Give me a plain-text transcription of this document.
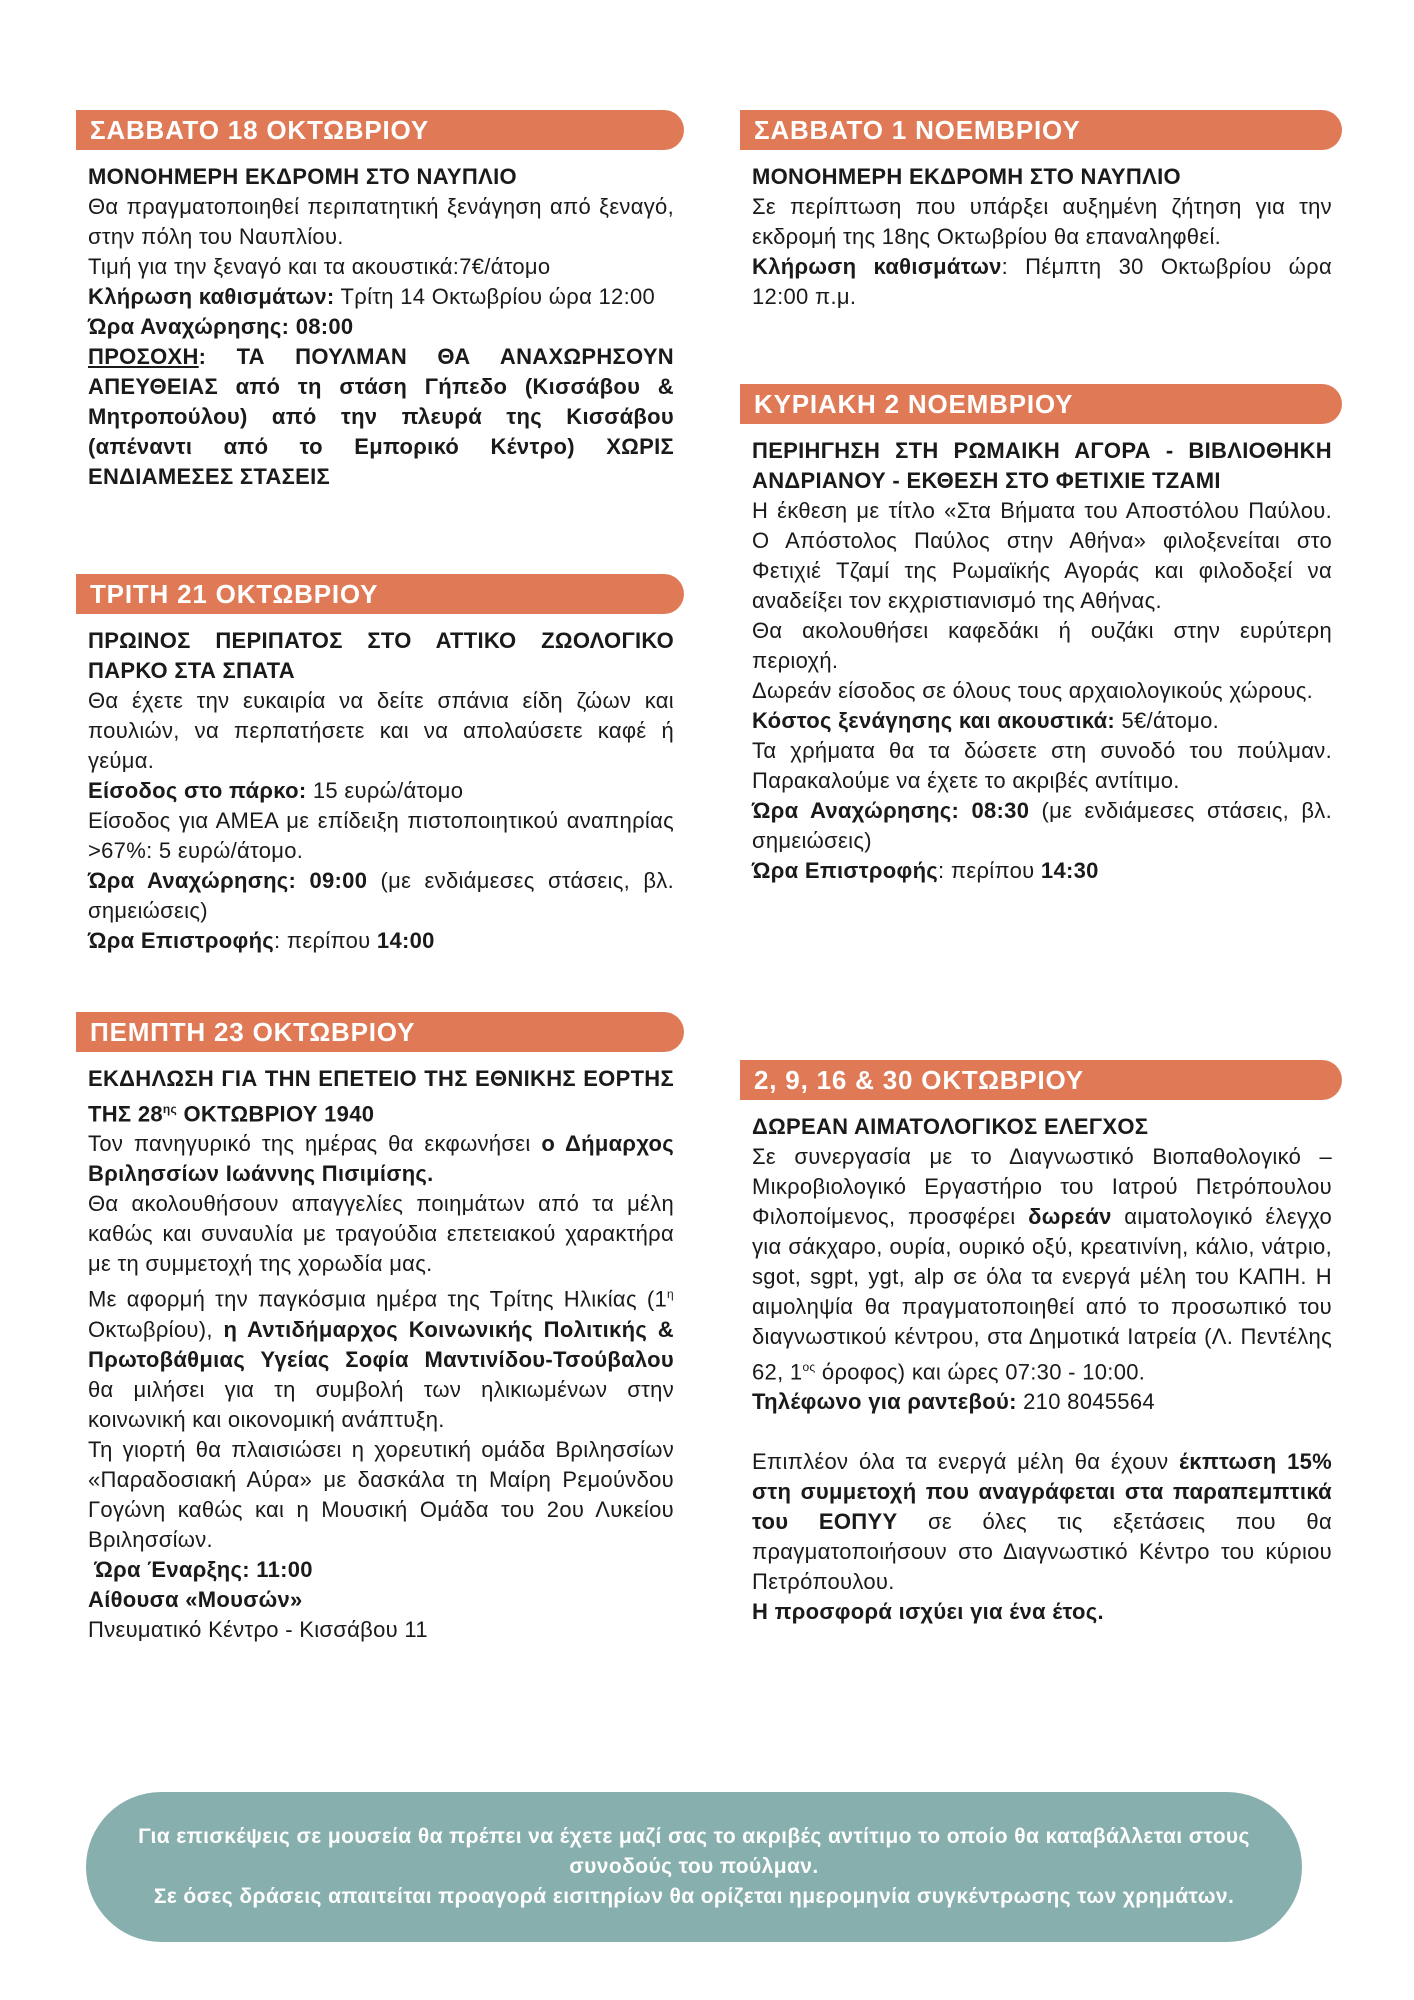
ΣΑΒΒΑΤΟ 18 ΟΚΤΩΒΡΙΟΥ

ΜΟΝΟΗΜΕΡΗ ΕΚΔΡΟΜΗ ΣΤΟ ΝΑΥΠΛΙΟ

Θα πραγματοποιηθεί περιπατητική ξενάγηση από ξεναγό, στην πόλη του Ναυπλίου.

Τιμή για την ξεναγό και τα ακουστικά:7€/άτομο

Κλήρωση καθισμάτων: Τρίτη 14 Οκτωβρίου ώρα 12:00

Ώρα Αναχώρησης: 08:00

ΠΡΟΣΟΧΗ: ΤΑ ΠΟΥΛΜΑΝ ΘΑ ΑΝΑΧΩΡΗΣΟΥΝ ΑΠΕΥΘΕΙΑΣ από τη στάση Γήπεδο (Κισσάβου & Μητροπούλου) από την πλευρά της Κισσάβου (απέναντι από το Εμπορικό Κέντρο) ΧΩΡΙΣ ΕΝΔΙΑΜΕΣΕΣ ΣΤΑΣΕΙΣ

ΤΡΙΤΗ 21 ΟΚΤΩΒΡΙΟΥ

ΠΡΩΙΝΟΣ ΠΕΡΙΠΑΤΟΣ ΣΤΟ ΑΤΤΙΚΟ ΖΩΟΛΟΓΙΚΟ ΠΑΡΚΟ ΣΤΑ ΣΠΑΤΑ

Θα έχετε την ευκαιρία να δείτε σπάνια είδη ζώων και πουλιών, να περπατήσετε και να απολαύσετε καφέ ή γεύμα.

Είσοδος στο πάρκο: 15 ευρώ/άτομο

Είσοδος για ΑΜΕΑ με επίδειξη πιστοποιητικού αναπηρίας >67%: 5 ευρώ/άτομο.

Ώρα Αναχώρησης: 09:00 (με ενδιάμεσες στάσεις, βλ. σημειώσεις)

Ώρα Επιστροφής: περίπου 14:00

ΠΕΜΠΤΗ 23 ΟΚΤΩΒΡΙΟΥ

ΕΚΔΗΛΩΣΗ ΓΙΑ ΤΗΝ ΕΠΕΤΕΙΟ ΤΗΣ ΕΘΝΙΚΗΣ ΕΟΡΤΗΣ ΤΗΣ $28^{\eta\varsigma}$ ΟΚΤΩΒΡΙΟΥ 1940

Τον πανηγυρικό της ημέρας θα εκφωνήσει ο Δήμαρχος Βριλησσίων Ιωάννης Πισιμίσης.

Θα ακολουθήσουν απαγγελίες ποιημάτων από τα μέλη καθώς και συναυλία με τραγούδια επετειακού χαρακτήρα με τη συμμετοχή της χορωδία μας.

Με αφορμή την παγκόσμια ημέρα της Τρίτης Ηλικίας ($1^\eta$ Οκτωβρίου), η Αντιδήμαρχος Κοινωνικής Πολιτικής & Πρωτοβάθμιας Υγείας Σοφία Μαντινίδου-Τσούβαλου θα μιλήσει για τη συμβολή των ηλικιωμένων στην κοινωνική και οικονομική ανάπτυξη.

Τη γιορτή θα πλαισιώσει η χορευτική ομάδα Βριλησσίων «Παραδοσιακή Αύρα» με δασκάλα τη Μαίρη Ρεμούνδου Γογώνη καθώς και η Μουσική Ομάδα του 2ου Λυκείου Βριλησσίων.

Ώρα Έναρξης: 11:00

Αίθουσα «Μουσών»

Πνευματικό Κέντρο - Κισσάβου 11

ΣΑΒΒΑΤΟ 1 ΝΟΕΜΒΡΙΟΥ

ΜΟΝΟΗΜΕΡΗ ΕΚΔΡΟΜΗ ΣΤΟ ΝΑΥΠΛΙΟ

Σε περίπτωση που υπάρξει αυξημένη ζήτηση για την εκδρομή της 18ης Οκτωβρίου θα επαναληφθεί.

Κλήρωση καθισμάτων: Πέμπτη 30 Οκτωβρίου ώρα 12:00 π.μ.

ΚΥΡΙΑΚΗ 2 ΝΟΕΜΒΡΙΟΥ

ΠΕΡΙΗΓΗΣΗ ΣΤΗ ΡΩΜΑΙΚΗ ΑΓΟΡΑ - ΒΙΒΛΙΟΘΗΚΗ ΑΝΔΡΙΑΝΟΥ - ΕΚΘΕΣΗ ΣΤΟ ΦΕΤΙΧΙΕ ΤΖΑΜΙ

Η έκθεση με τίτλο «Στα Βήματα του Αποστόλου Παύλου. Ο Απόστολος Παύλος στην Αθήνα» φιλοξενείται στο Φετιχιέ Τζαμί της Ρωμαϊκής Αγοράς και φιλοδοξεί να αναδείξει τον εκχριστιανισμό της Αθήνας.

Θα ακολουθήσει καφεδάκι ή ουζάκι στην ευρύτερη περιοχή.

Δωρεάν είσοδος σε όλους τους αρχαιολογικούς χώρους.

Κόστος ξενάγησης και ακουστικά: 5€/άτομο.

Τα χρήματα θα τα δώσετε στη συνοδό του πούλμαν. Παρακαλούμε να έχετε το ακριβές αντίτιμο.

Ώρα Αναχώρησης: 08:30 (με ενδιάμεσες στάσεις, βλ. σημειώσεις)

Ώρα Επιστροφής: περίπου 14:30

2, 9, 16 & 30 ΟΚΤΩΒΡΙΟΥ

ΔΩΡΕΑΝ ΑΙΜΑΤΟΛΟΓΙΚΟΣ ΕΛΕΓΧΟΣ

Σε συνεργασία με το Διαγνωστικό Βιοπαθολογικό – Μικροβιολογικό Εργαστήριο του Ιατρού Πετρόπουλου Φιλοποίμενος, προσφέρει δωρεάν αιματολογικό έλεγχο για σάκχαρο, ουρία, ουρικό οξύ, κρεατινίνη, κάλιο, νάτριο, sgot, sgpt, ygt, alp σε όλα τα ενεργά μέλη του ΚΑΠΗ. Η αιμοληψία θα πραγματοποιηθεί από το προσωπικό του διαγνωστικού κέντρου, στα Δημοτικά Ιατρεία (Λ. Πεντέλης 62, $1^{o\varsigma}$ όροφος) και ώρες 07:30 - 10:00.

Τηλέφωνο για ραντεβού: 210 8045564

Επιπλέον όλα τα ενεργά μέλη θα έχουν έκπτωση 15% στη συμμετοχή που αναγράφεται στα παραπεμπτικά του ΕΟΠΥΥ σε όλες τις εξετάσεις που θα πραγματοποιήσουν στο Διαγνωστικό Κέντρο του κύριου Πετρόπουλου.

Η προσφορά ισχύει για ένα έτος.

Για επισκέψεις σε μουσεία θα πρέπει να έχετε μαζί σας το ακριβές αντίτιμο το οποίο θα καταβάλλεται στους συνοδούς του πούλμαν.
Σε όσες δράσεις απαιτείται προαγορά εισιτηρίων θα ορίζεται ημερομηνία συγκέντρωσης των χρημάτων.
